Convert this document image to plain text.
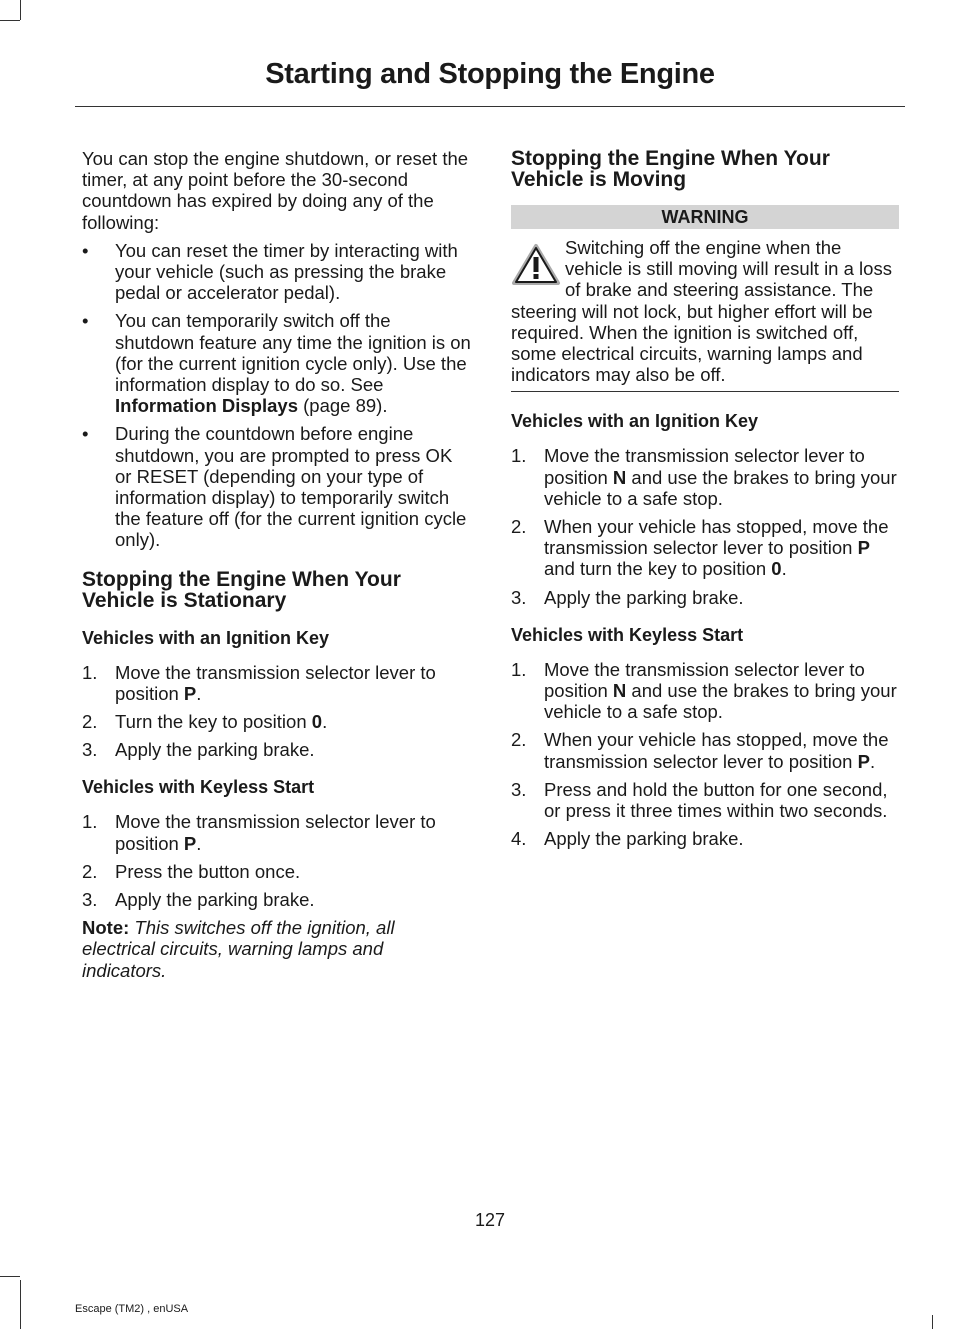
Starting and Stopping the Engine

You can stop the engine shutdown, or reset the timer, at any point before the 30-second countdown has expired by doing any of the following:

• You can reset the timer by interacting with your vehicle (such as pressing the brake pedal or accelerator pedal).
• You can temporarily switch off the shutdown feature any time the ignition is on (for the current ignition cycle only). Use the information display to do so. See Information Displays (page 89).
• During the countdown before engine shutdown, you are prompted to press OK or RESET (depending on your type of information display) to temporarily switch the feature off (for the current ignition cycle only).
Stopping the Engine When Your Vehicle is Stationary
Vehicles with an Ignition Key
1. Move the transmission selector lever to position P.
2. Turn the key to position 0.
3. Apply the parking brake.
Vehicles with Keyless Start
1. Move the transmission selector lever to position P.
2. Press the button once.
3. Apply the parking brake.

Note: This switches off the ignition, all electrical circuits, warning lamps and indicators.

Stopping the Engine When Your Vehicle is Moving
WARNING

Switching off the engine when the vehicle is still moving will result in a loss of brake and steering assistance. The steering will not lock, but higher effort will be required. When the ignition is switched off, some electrical circuits, warning lamps and indicators may also be off.

Vehicles with an Ignition Key
1. Move the transmission selector lever to position N and use the brakes to bring your vehicle to a safe stop.
2. When your vehicle has stopped, move the transmission selector lever to position P and turn the key to position 0.
3. Apply the parking brake.
Vehicles with Keyless Start
1. Move the transmission selector lever to position N and use the brakes to bring your vehicle to a safe stop.
2. When your vehicle has stopped, move the transmission selector lever to position P.
3. Press and hold the button for one second, or press it three times within two seconds.
4. Apply the parking brake.
127
Escape (TM2) , enUSA
